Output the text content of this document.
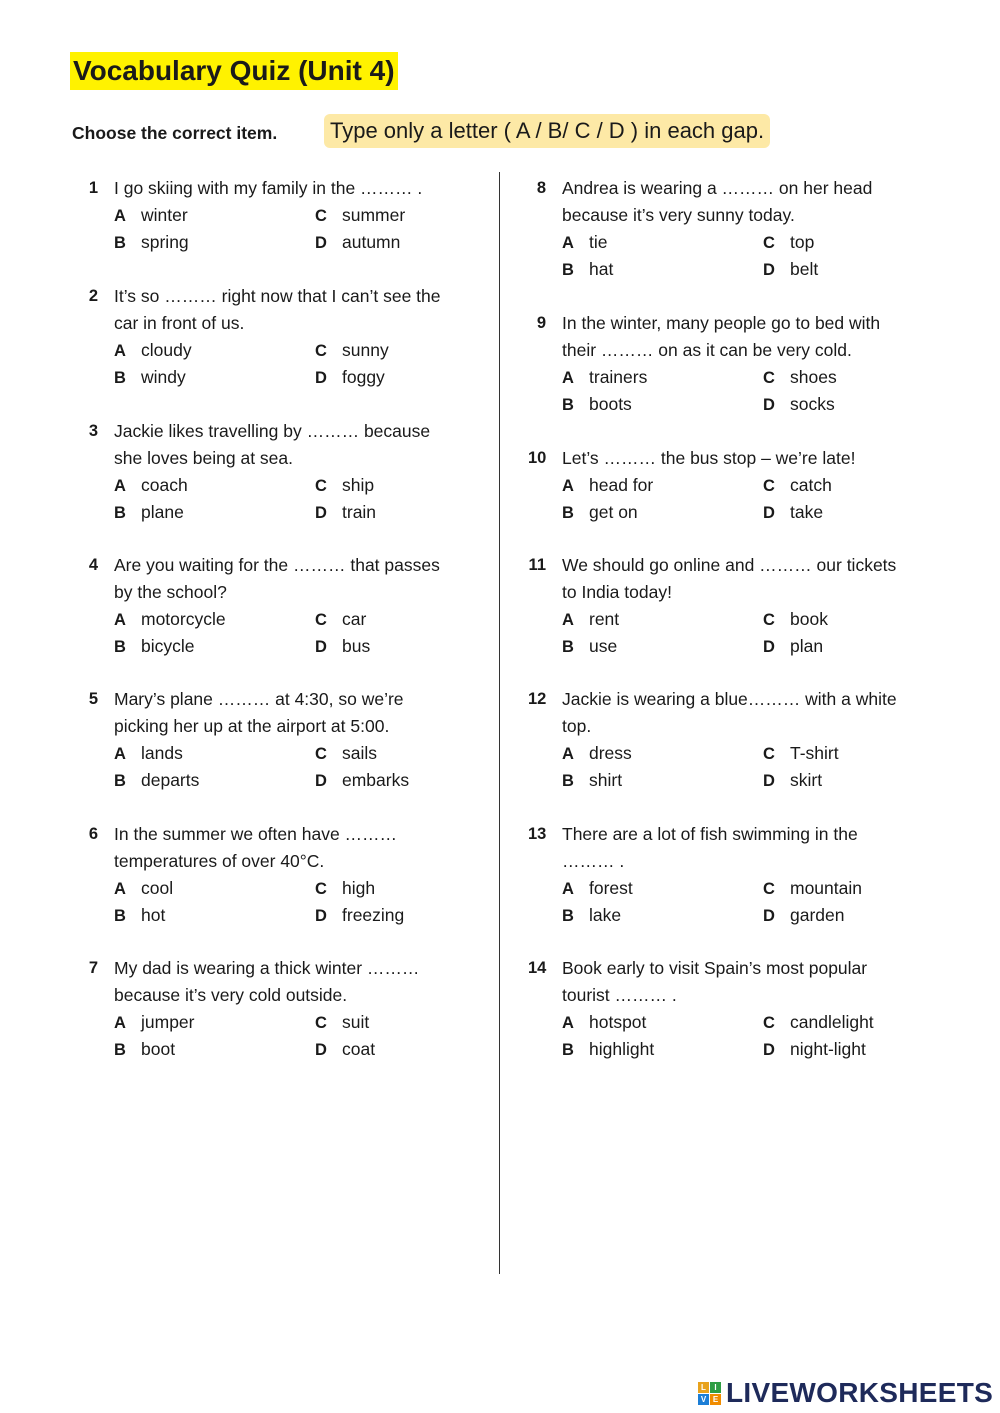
Vocabulary Quiz (Unit 4)
Choose the correct item. Type only a letter ( A / B/ C / D ) in each gap.
1 I go skiing with my family in the ……… .
A winter	C summer
B spring	D autumn
2 It’s so ……… right now that I can’t see the
car in front of us.
A cloudy	C sunny
B windy	D foggy
3 Jackie likes travelling by ……… because
she loves being at sea.
A coach	C ship
B plane	D train
4 Are you waiting for the ……… that passes
by the school?
A motorcycle	C car
B bicycle	D bus
5 Mary’s plane ……… at 4:30, so we’re
picking her up at the airport at 5:00.
A lands	C sails
B departs	D embarks
6 In the summer we often have ………
temperatures of over 40°C.
A cool	C high
B hot	D freezing
7 My dad is wearing a thick winter ………
because it’s very cold outside.
A jumper	C suit
B boot	D coat
8 Andrea is wearing a ……… on her head
because it’s very sunny today.
A tie	C top
B hat	D belt
9 In the winter, many people go to bed with
their ……… on as it can be very cold.
A trainers	C shoes
B boots	D socks
10 Let’s ……… the bus stop – we’re late!
A head for	C catch
B get on	D take
11 We should go online and ……… our tickets
to India today!
A rent	C book
B use	D plan
12 Jackie is wearing a blue……… with a white
top.
A dress	C T-shirt
B shirt	D skirt
13 There are a lot of fish swimming in the
……… .
A forest	C mountain
B lake	D garden
14 Book early to visit Spain’s most popular
tourist ……… .
A hotspot	C candlelight
B highlight	D night-light
L	I
V E LIVEWORKSHEETS
